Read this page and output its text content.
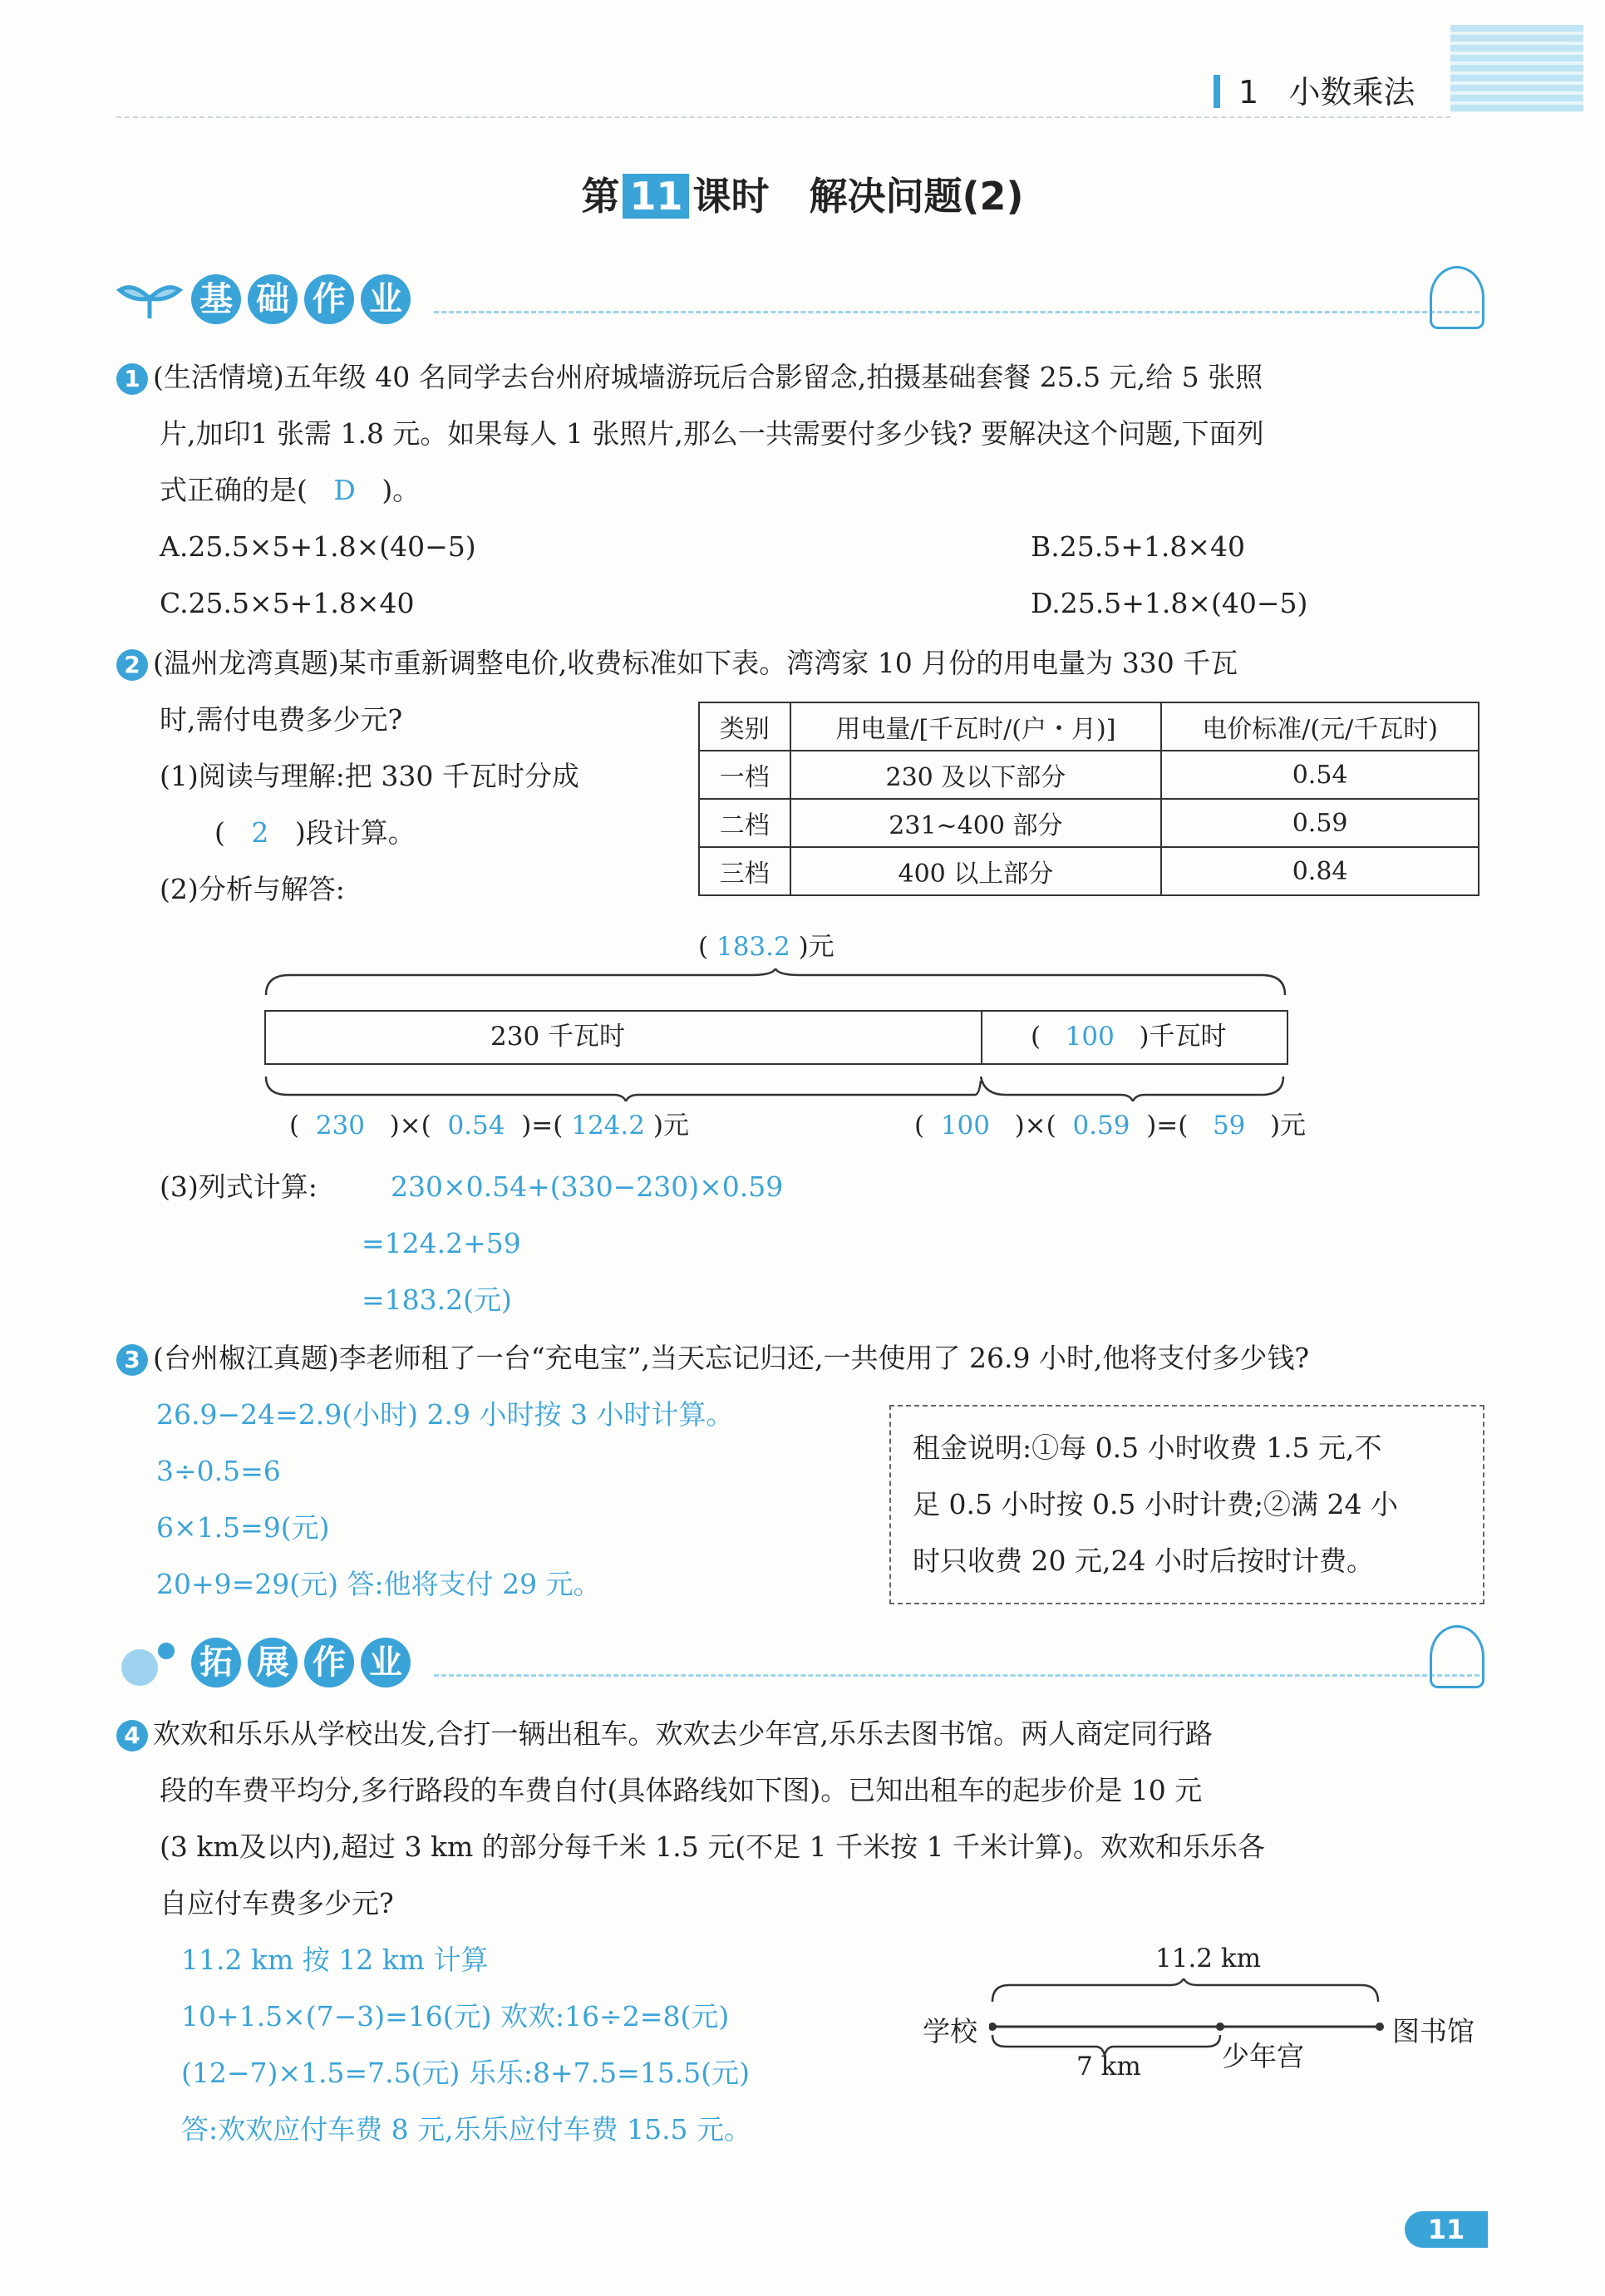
1 小数乘法
第 11 课时 解决问题(2)
基 础 作 业
1 (生活情境)五年级 40 名同学去台州府城墙游玩后合影留念,拍摄基础套餐 25.5 元,给 5 张照
片,加印1 张需 1.8 元。如果每人 1 张照片,那么一共需要付多少钱? 要解决这个问题,下面列
式正确的是( D )。
A.25.5×5+1.8×(40−5)	B.25.5+1.8×40
C.25.5×5+1.8×40	D.25.5+1.8×(40−5)
2 (温州龙湾真题)某市重新调整电价,收费标准如下表。湾湾家 10 月份的用电量为 330 千瓦
时,需付电费多少元?
(1)阅读与理解:把 330 千瓦时分成
( 2 )段计算。
(2)分析与解答:
类别	用电量/[千瓦时/(户・月)]	电价标准/(元/千瓦时)
一档	230 及以下部分	0.54
二档	231~400 部分	0.59
三档	400 以上部分	0.84
( 183.2 )元
230 千瓦时	( 100 )千瓦时
( 230 )×( 0.54 )=( 124.2 )元	( 100 )×( 0.59 )=( 59 )元
(3)列式计算:	230×0.54+(330−230)×0.59
=124.2+59
=183.2(元)
3 (台州椒江真题)李老师租了一台“充电宝”,当天忘记归还,一共使用了 26.9 小时,他将支付多少钱?
26.9−24=2.9(小时) 2.9 小时按 3 小时计算。
3÷0.5=6
6×1.5=9(元)
20+9=29(元) 答:他将支付 29 元。
租金说明:①每 0.5 小时收费 1.5 元,不
足 0.5 小时按 0.5 小时计费;②满 24 小
时只收费 20 元,24 小时后按时计费。
拓 展 作 业
4 欢欢和乐乐从学校出发,合打一辆出租车。欢欢去少年宫,乐乐去图书馆。两人商定同行路
段的车费平均分,多行路段的车费自付(具体路线如下图)。已知出租车的起步价是 10 元
(3 km及以内),超过 3 km 的部分每千米 1.5 元(不足 1 千米按 1 千米计算)。欢欢和乐乐各
自应付车费多少元?
11.2 km 按 12 km 计算
10+1.5×(7−3)=16(元) 欢欢:16÷2=8(元)
(12−7)×1.5=7.5(元) 乐乐:8+7.5=15.5(元)
答:欢欢应付车费 8 元,乐乐应付车费 15.5 元。
11.2 km
学校	图书馆
少年宫
7 km
11
